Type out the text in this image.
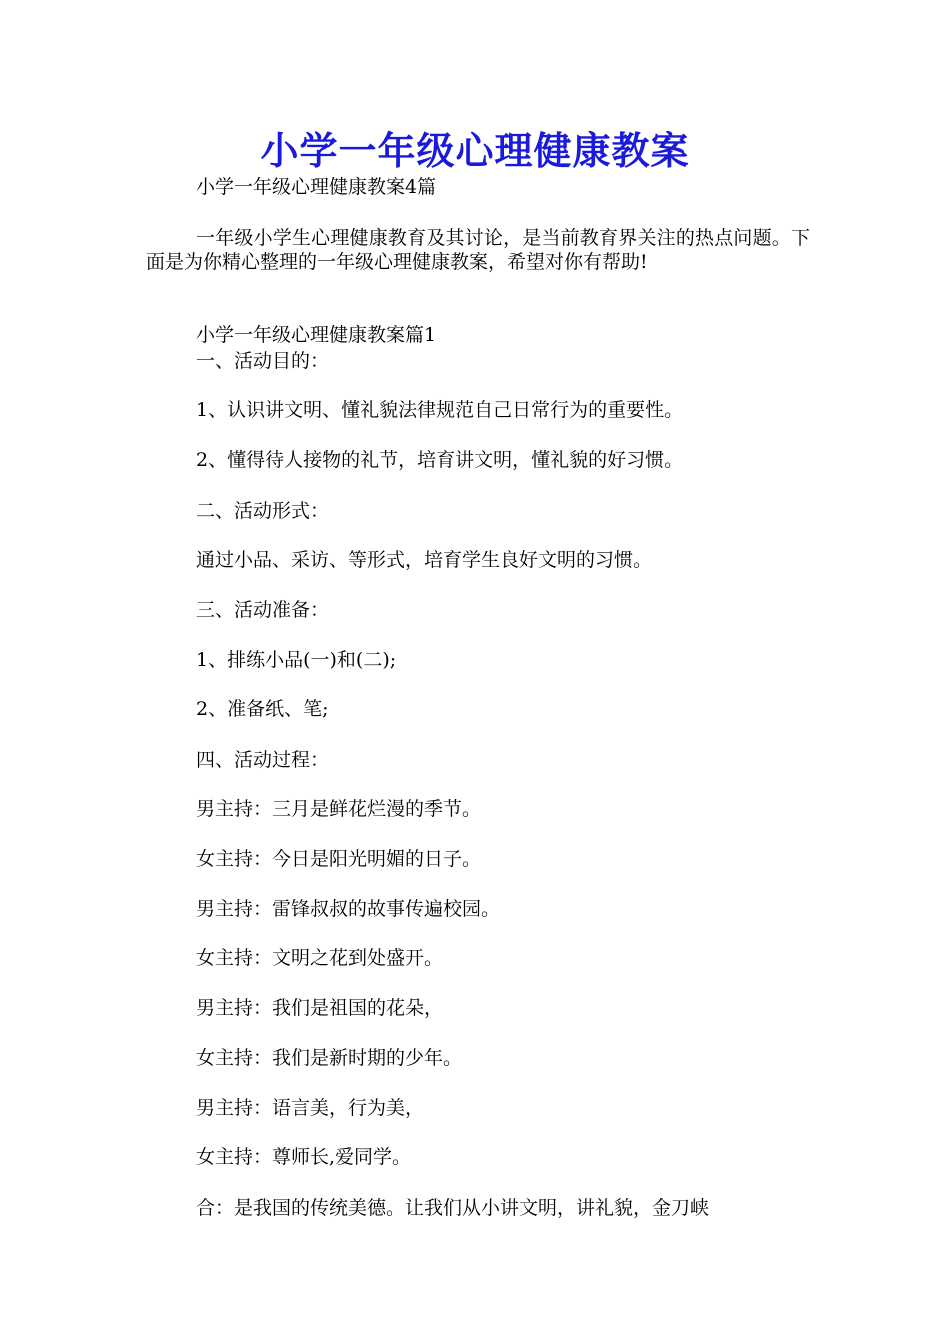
小学一年级心理健康教案
小学一年级心理健康教案4篇
一年级小学生心理健康教育及其讨论，是当前教育界关注的热点问题。下面是为你精心整理的一年级心理健康教案，希望对你有帮助!
小学一年级心理健康教案篇1
一、活动目的：
1、认识讲文明、懂礼貌法律规范自己日常行为的重要性。
2、懂得待人接物的礼节，培育讲文明，懂礼貌的好习惯。
二、活动形式：
通过小品、采访、等形式，培育学生良好文明的习惯。
三、活动准备：
1、排练小品(一)和(二);
2、准备纸、笔;
四、活动过程：
男主持：三月是鲜花烂漫的季节。
女主持：今日是阳光明媚的日子。
男主持：雷锋叔叔的故事传遍校园。
女主持：文明之花到处盛开。
男主持：我们是祖国的花朵，
女主持：我们是新时期的少年。
男主持：语言美，行为美，
女主持：尊师长,爱同学。
合：是我国的传统美德。让我们从小讲文明，讲礼貌，金刀峡
